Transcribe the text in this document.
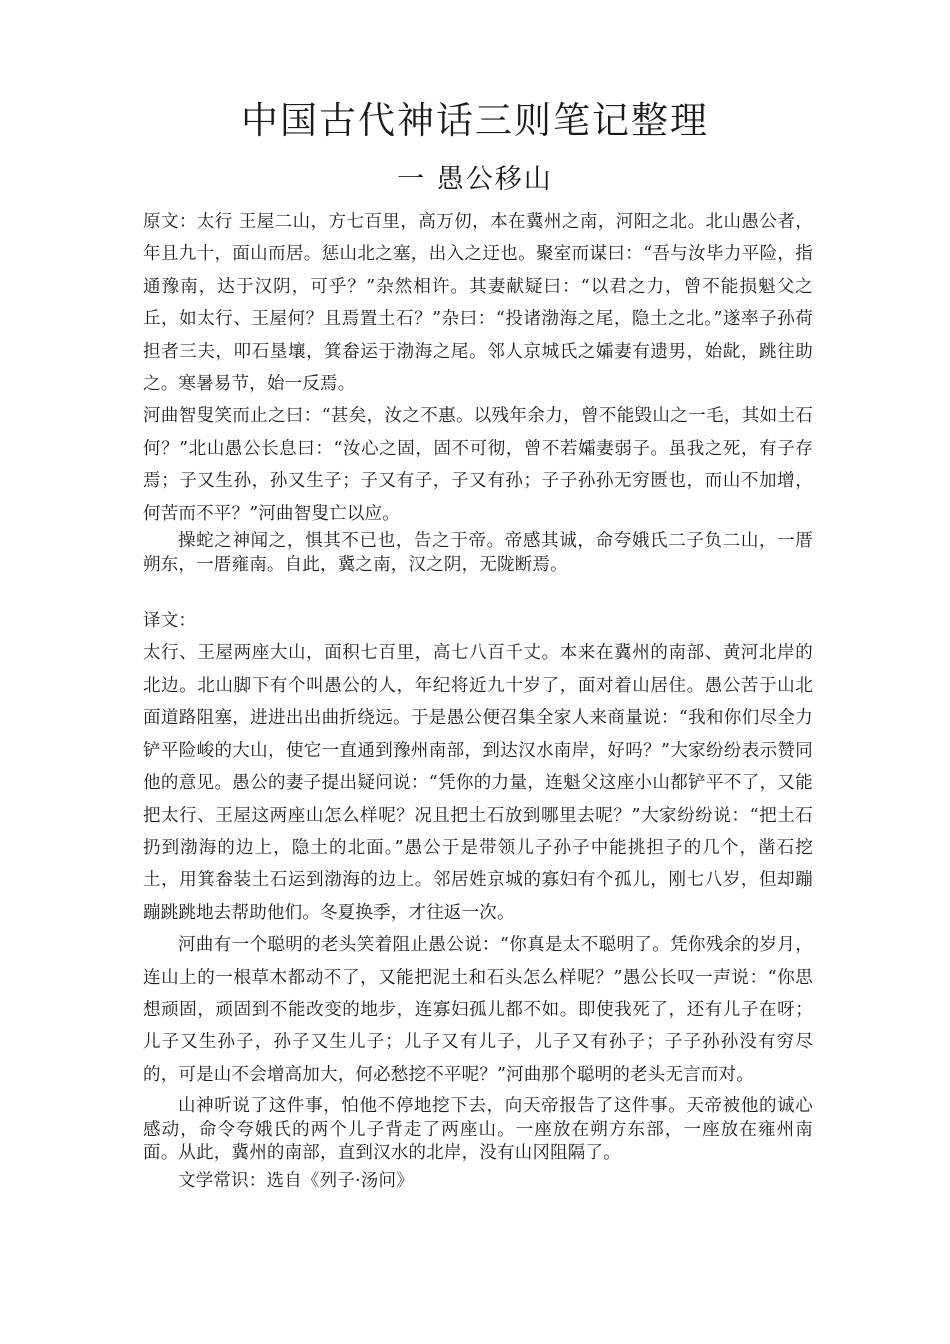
中国古代神话三则笔记整理
一 愚公移山

原文：太行 王屋二山，方七百里，高万仞，本在冀州之南，河阳之北。北山愚公者，年且九十，面山而居。惩山北之塞，出入之迂也。聚室而谋曰：“吾与汝毕力平险，指通豫南，达于汉阴，可乎？”杂然相许。其妻献疑曰：“以君之力，曾不能损魁父之丘，如太行、王屋何？且焉置土石？”杂曰：“投诸渤海之尾，隐土之北。”遂率子孙荷担者三夫，叩石垦壤，箕畚运于渤海之尾。邻人京城氏之孀妻有遗男，始龀，跳往助之。寒暑易节，始一反焉。

河曲智叟笑而止之曰：“甚矣，汝之不惠。以残年余力，曾不能毁山之一毛，其如土石何？”北山愚公长息曰：“汝心之固，固不可彻，曾不若孀妻弱子。虽我之死，有子存焉；子又生孙，孙又生子；子又有子，子又有孙；子子孙孙无穷匮也，而山不加增，何苦而不平？”河曲智叟亡以应。

操蛇之神闻之，惧其不已也，告之于帝。帝感其诚，命夸娥氏二子负二山，一厝朔东，一厝雍南。自此，冀之南，汉之阴，无陇断焉。

译文：

太行、王屋两座大山，面积七百里，高七八百千丈。本来在冀州的南部、黄河北岸的北边。北山脚下有个叫愚公的人，年纪将近九十岁了，面对着山居住。愚公苦于山北面道路阻塞，进进出出曲折绕远。于是愚公便召集全家人来商量说：“我和你们尽全力铲平险峻的大山，使它一直通到豫州南部，到达汉水南岸，好吗？”大家纷纷表示赞同他的意见。愚公的妻子提出疑问说：“凭你的力量，连魁父这座小山都铲平不了，又能把太行、王屋这两座山怎么样呢？况且把土石放到哪里去呢？”大家纷纷说：“把土石扔到渤海的边上，隐土的北面。”愚公于是带领儿子孙子中能挑担子的几个，凿石挖土，用箕畚装土石运到渤海的边上。邻居姓京城的寡妇有个孤儿，刚七八岁，但却蹦蹦跳跳地去帮助他们。冬夏换季，才往返一次。

河曲有一个聪明的老头笑着阻止愚公说：“你真是太不聪明了。凭你残余的岁月，连山上的一根草木都动不了，又能把泥土和石头怎么样呢？”愚公长叹一声说：“你思想顽固，顽固到不能改变的地步，连寡妇孤儿都不如。即使我死了，还有儿子在呀；儿子又生孙子，孙子又生儿子；儿子又有儿子，儿子又有孙子；子子孙孙没有穷尽的，可是山不会增高加大，何必愁挖不平呢？”河曲那个聪明的老头无言而对。

山神听说了这件事，怕他不停地挖下去，向天帝报告了这件事。天帝被他的诚心感动，命令夸娥氏的两个儿子背走了两座山。一座放在朔方东部，一座放在雍州南面。从此，冀州的南部，直到汉水的北岸，没有山冈阻隔了。

文学常识：选自《列子·汤问》
